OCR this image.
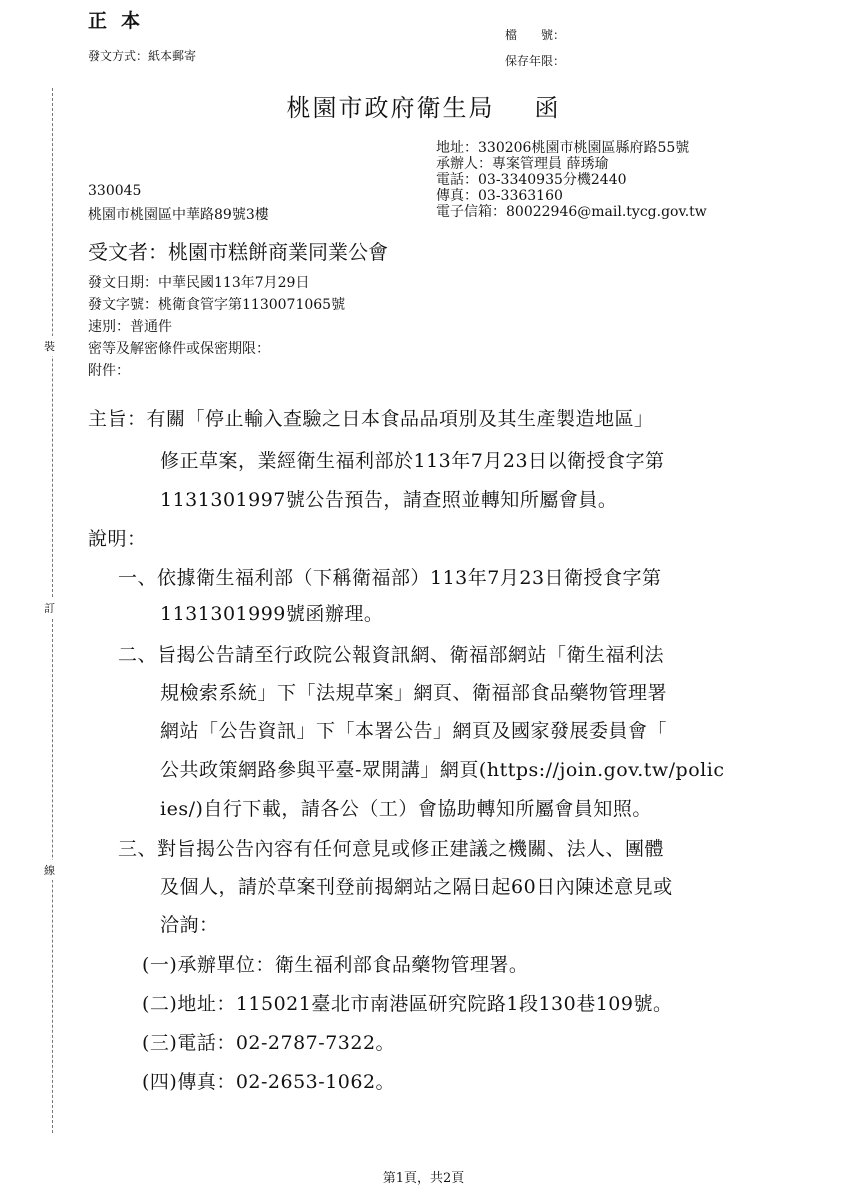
正本
檔　　號：
保存年限：
發文方式：紙本郵寄
裝
訂
線
桃園市政府衛生局 函
地址：330206桃園市桃園區縣府路55號
承辦人：專案管理員 薛琇瑜
電話：03-3340935分機2440
傳真：03-3363160
電子信箱：80022946@mail.tycg.gov.tw
330045
桃園市桃園區中華路89號3樓
受文者：桃園市糕餅商業同業公會
發文日期：中華民國113年7月29日
發文字號：桃衛食管字第1130071065號
速別：普通件
密等及解密條件或保密期限：
附件：
主旨：有關「停止輸入查驗之日本食品品項別及其生產製造地區」
修正草案，業經衛生福利部於113年7月23日以衛授食字第
1131301997號公告預告，請查照並轉知所屬會員。
說明：
一、依據衛生福利部（下稱衛福部）113年7月23日衛授食字第
1131301999號函辦理。
二、旨揭公告請至行政院公報資訊網、衛福部網站「衛生福利法
規檢索系統」下「法規草案」網頁、衛福部食品藥物管理署
網站「公告資訊」下「本署公告」網頁及國家發展委員會「
公共政策網路參與平臺-眾開講」網頁(https://join.gov.tw/polic
ies/)自行下載，請各公（工）會協助轉知所屬會員知照。
三、對旨揭公告內容有任何意見或修正建議之機關、法人、團體
及個人，請於草案刊登前揭網站之隔日起60日內陳述意見或
洽詢：
(一)承辦單位：衛生福利部食品藥物管理署。
(二)地址：115021臺北市南港區研究院路1段130巷109號。
(三)電話：02-2787-7322。
(四)傳真：02-2653-1062。
第1頁，共2頁
